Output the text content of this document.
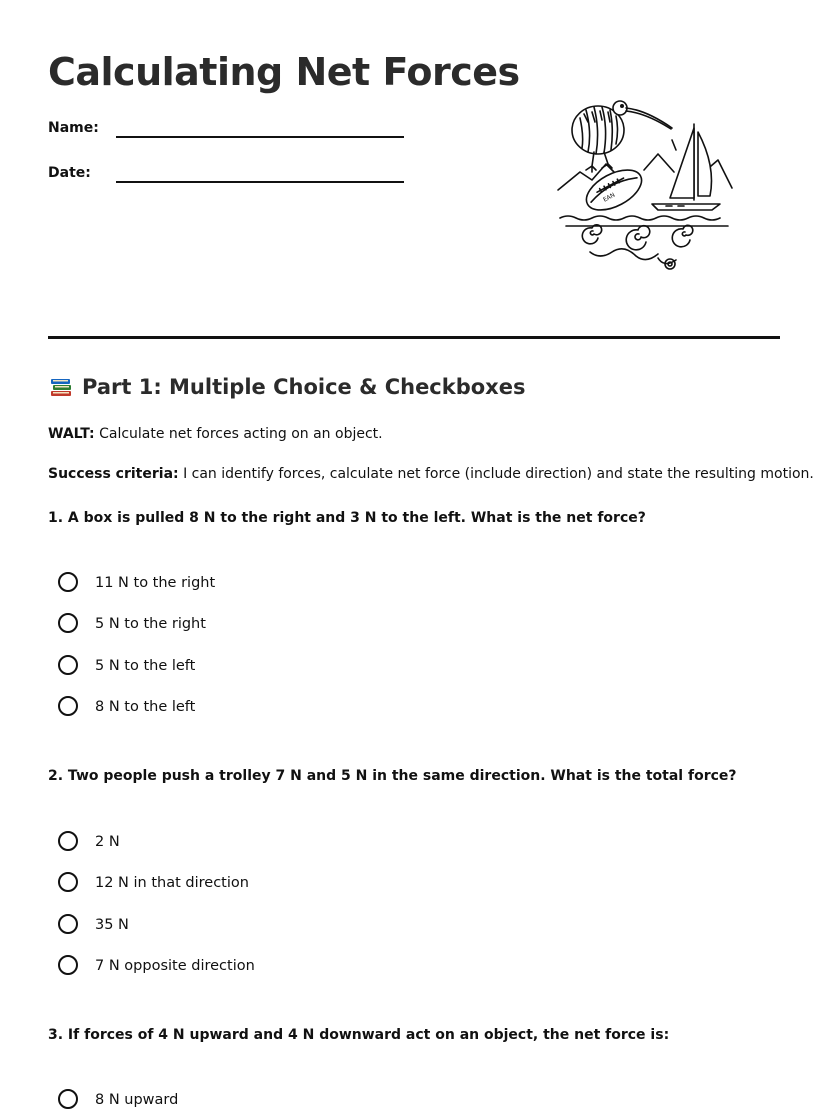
Calculating Net Forces
Name:
Date:
EAN
Part 1: Multiple Choice & Checkboxes
WALT: Calculate net forces acting on an object.
Success criteria: I can identify forces, calculate net force (include direction) and state the resulting motion.
1. A box is pulled 8 N to the right and 3 N to the left. What is the net force?
11 N to the right
5 N to the right
5 N to the left
8 N to the left
2. Two people push a trolley 7 N and 5 N in the same direction. What is the total force?
2 N
12 N in that direction
35 N
7 N opposite direction
3. If forces of 4 N upward and 4 N downward act on an object, the net force is:
8 N upward
